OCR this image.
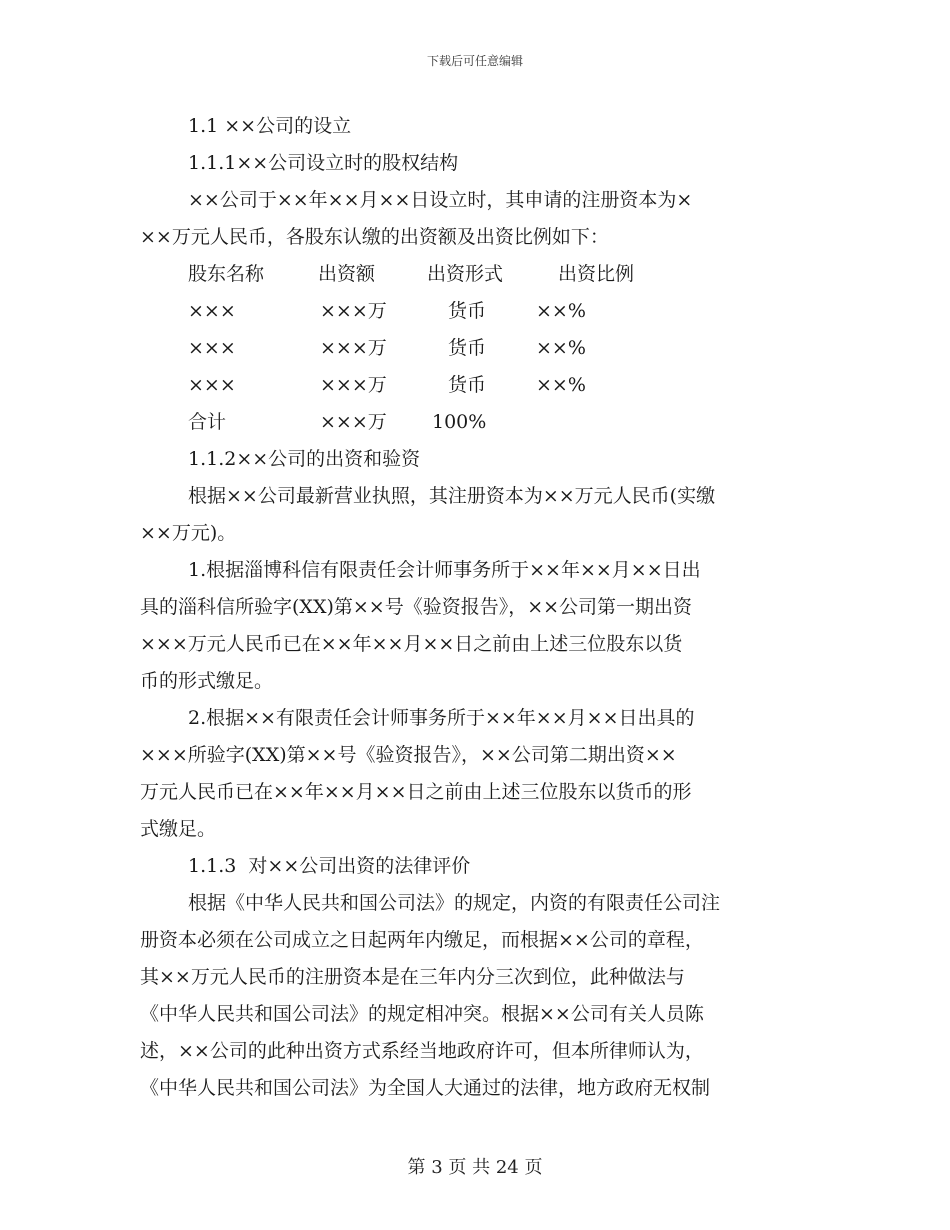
下载后可任意编辑
1.1 ××公司的设立
1.1.1××公司设立时的股权结构
××公司于××年××月××日设立时，其申请的注册资本为×
××万元人民币，各股东认缴的出资额及出资比例如下：
股东名称	出资额	出资形式	出资比例
×××	×××万	货币	××%
×××	×××万	货币	××%
×××	×××万	货币	××%
合计	×××万 100%
1.1.2××公司的出资和验资
根据××公司最新营业执照，其注册资本为××万元人民币(实缴
××万元)。
1.根据淄博科信有限责任会计师事务所于××年××月××日出
具的淄科信所验字(XX)第××号《验资报告》，××公司第一期出资
×××万元人民币已在××年××月××日之前由上述三位股东以货
币的形式缴足。
2.根据××有限责任会计师事务所于××年××月××日出具的
×××所验字(XX)第××号《验资报告》，××公司第二期出资××
万元人民币已在××年××月××日之前由上述三位股东以货币的形
式缴足。
1.1.3  对××公司出资的法律评价
根据《中华人民共和国公司法》的规定，内资的有限责任公司注
册资本必须在公司成立之日起两年内缴足，而根据××公司的章程，
其××万元人民币的注册资本是在三年内分三次到位，此种做法与
《中华人民共和国公司法》的规定相冲突。根据××公司有关人员陈
述，××公司的此种出资方式系经当地政府许可，但本所律师认为，
《中华人民共和国公司法》为全国人大通过的法律，地方政府无权制
第 3 页 共 24 页
